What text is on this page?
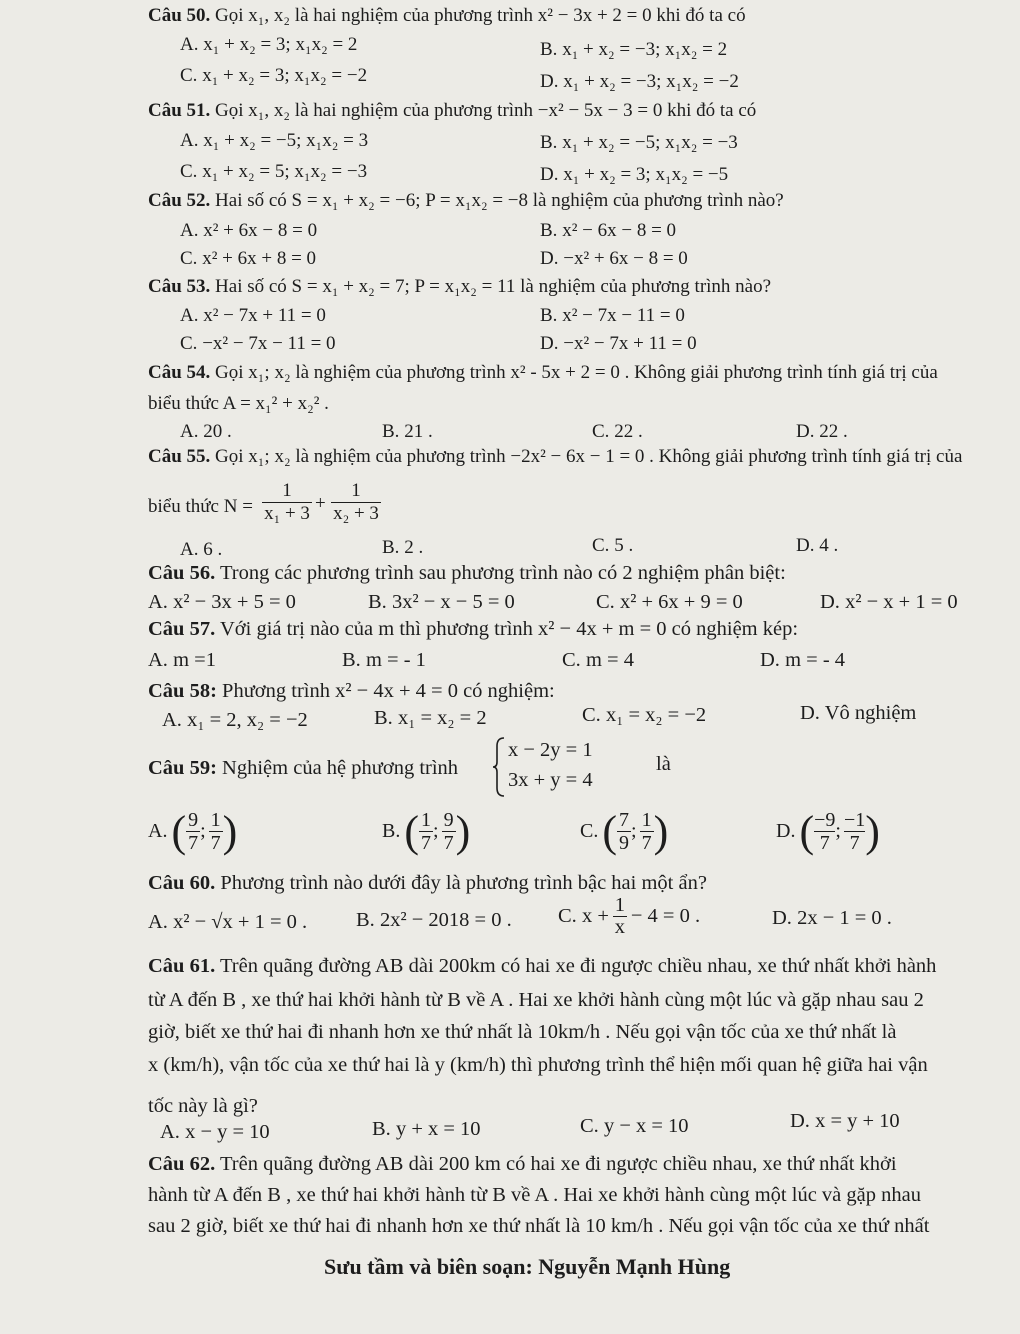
Câu 50. Gọi x₁, x₂ là hai nghiệm của phương trình x² − 3x + 2 = 0 khi đó ta có
A. x₁ + x₂ = 3; x₁x₂ = 2	B. x₁ + x₂ = −3; x₁x₂ = 2
C. x₁ + x₂ = 3; x₁x₂ = −2	D. x₁ + x₂ = −3; x₁x₂ = −2
Câu 51. Gọi x₁, x₂ là hai nghiệm của phương trình −x² − 5x − 3 = 0 khi đó ta có
A. x₁ + x₂ = −5; x₁x₂ = 3	B. x₁ + x₂ = −5; x₁x₂ = −3
C. x₁ + x₂ = 5; x₁x₂ = −3	D. x₁ + x₂ = 3; x₁x₂ = −5
Câu 52. Hai số có S = x₁ + x₂ = −6; P = x₁x₂ = −8 là nghiệm của phương trình nào?
A. x² + 6x − 8 = 0	B. x² − 6x − 8 = 0
C. x² + 6x + 8 = 0	D. −x² + 6x − 8 = 0
Câu 53. Hai số có S = x₁ + x₂ = 7; P = x₁x₂ = 11 là nghiệm của phương trình nào?
A. x² − 7x + 11 = 0	B. x² − 7x − 11 = 0
C. −x² − 7x − 11 = 0	D. −x² − 7x + 11 = 0
Câu 54. Gọi x₁; x₂ là nghiệm của phương trình x² - 5x + 2 = 0 . Không giải phương trình tính giá trị của
biểu thức A = x₁² + x₂² .
A. 20 .	B. 21 .	C. 22 .	D. 22 .
Câu 55. Gọi x₁; x₂ là nghiệm của phương trình −2x² − 6x − 1 = 0 . Không giải phương trình tính giá trị của
biểu thức N =
1
x₁ + 3 +
1
x₂ + 3
A. 6 .	B. 2 .	C. 5 .	D. 4 .
Câu 56. Trong các phương trình sau phương trình nào có 2 nghiệm phân biệt:
A. x² − 3x + 5 = 0	B. 3x² − x − 5 = 0	C. x² + 6x + 9 = 0	D. x² − x + 1 = 0
Câu 57. Với giá trị nào của m thì phương trình x² − 4x + m = 0 có nghiệm kép:
A. m =1	B. m = - 1	C. m = 4	D. m = - 4
Câu 58: Phương trình x² − 4x + 4 = 0 có nghiệm:
A. x₁ = 2, x₂ = −2	B. x₁ = x₂ = 2	C. x₁ = x₂ = −2	D. Vô nghiệm
Câu 59: Nghiệm của hệ phương trình
x − 2y = 1
3x + y = 4
là
A. ( 9
7
; 1
7 )	B. ( 1
7
; 9
7 )	C. ( 7
9
; 1
7 )	D. ( −9
7
; −1
7 )
Câu 60. Phương trình nào dưới đây là phương trình bậc hai một ẩn?
A. x² − √x + 1 = 0 . B. 2x² − 2018 = 0 . C.
$x + \frac{1}{x} - 4 = 0$ .	D. 2x − 1 = 0 .
Câu 61. Trên quãng đường AB dài 200km có hai xe đi ngược chiều nhau, xe thứ nhất khởi hành
từ A đến B , xe thứ hai khởi hành từ B về A . Hai xe khởi hành cùng một lúc và gặp nhau sau 2
giờ, biết xe thứ hai đi nhanh hơn xe thứ nhất là 10km/h . Nếu gọi vận tốc của xe thứ nhất là
x (km/h), vận tốc của xe thứ hai là y (km/h) thì phương trình thể hiện mối quan hệ giữa hai vận
tốc này là gì?
A. x − y = 10	B. y + x = 10	C. y − x = 10	D. x = y + 10
Câu 62. Trên quãng đường AB dài 200 km có hai xe đi ngược chiều nhau, xe thứ nhất khởi
hành từ A đến B , xe thứ hai khởi hành từ B về A . Hai xe khởi hành cùng một lúc và gặp nhau
sau 2 giờ, biết xe thứ hai đi nhanh hơn xe thứ nhất là 10 km/h . Nếu gọi vận tốc của xe thứ nhất
Sưu tầm và biên soạn: Nguyễn Mạnh Hùng
